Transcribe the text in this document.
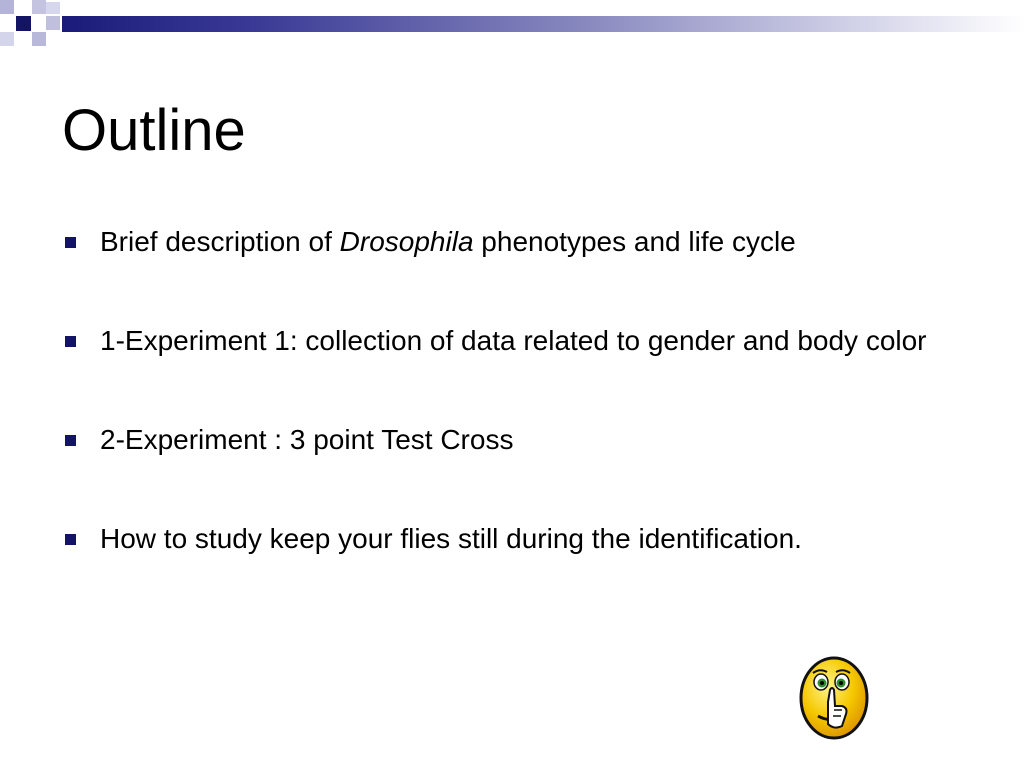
Outline
Brief description of Drosophila phenotypes and life cycle
1-Experiment 1: collection of data related to gender and body color
2-Experiment : 3 point Test Cross
How to study keep your flies still during the identification.
